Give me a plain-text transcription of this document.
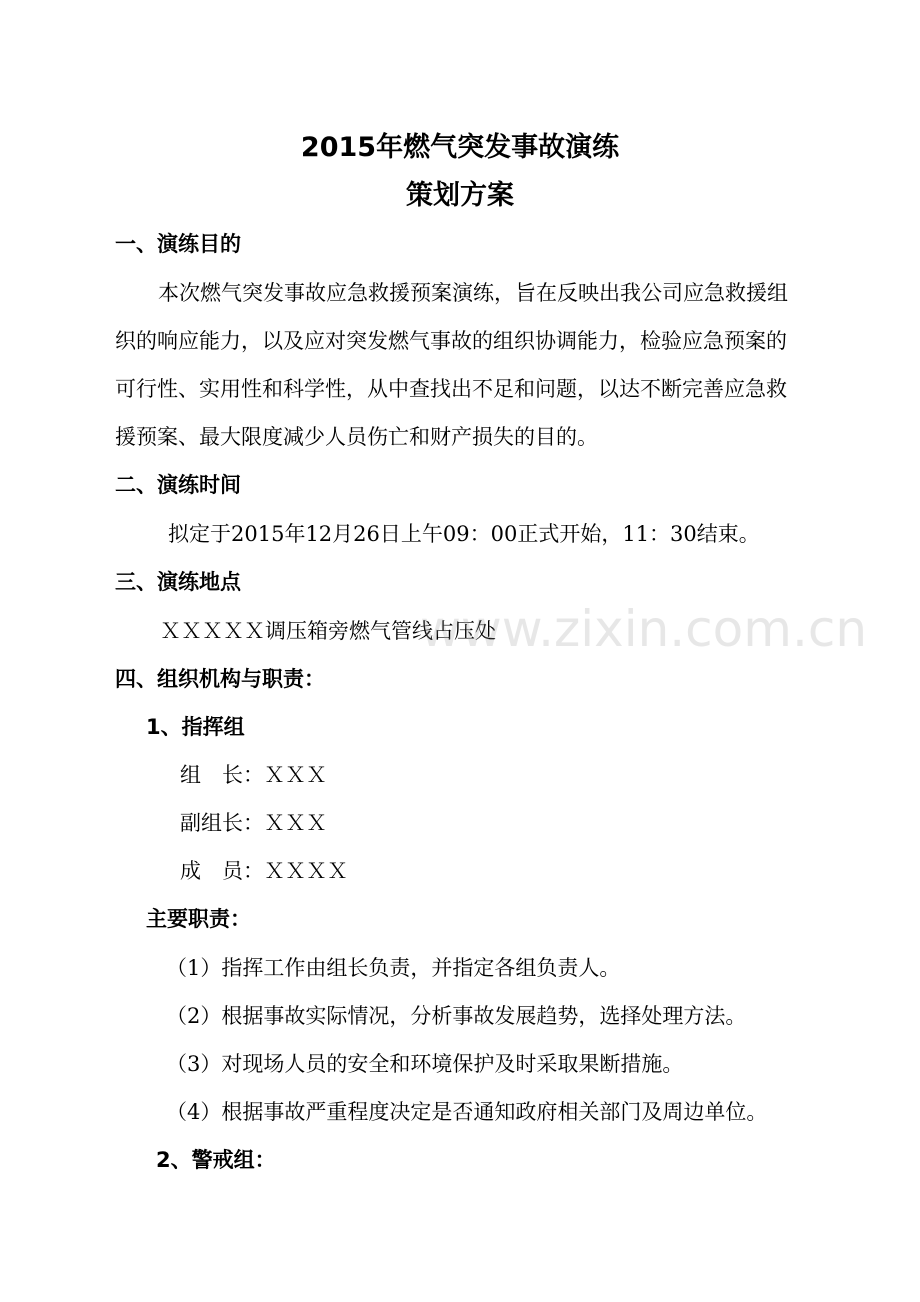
2015年燃气突发事故演练
策划方案
一、演练目的
本次燃气突发事故应急救援预案演练，旨在反映出我公司应急救援组
织的响应能力，以及应对突发燃气事故的组织协调能力，检验应急预案的
可行性、实用性和科学性，从中查找出不足和问题，以达不断完善应急救
援预案、最大限度减少人员伤亡和财产损失的目的。
二、演练时间
拟定于2015年12月26日上午09：00正式开始，11：30结束。
三、演练地点
ＸＸＸＸＸ调压箱旁燃气管线占压处
四、组织机构与职责：
1、指挥组
组　长：ＸＸＸ
副组长：ＸＸＸ
成　员：ＸＸＸＸ
主要职责：
（1）指挥工作由组长负责，并指定各组负责人。
（2）根据事故实际情况，分析事故发展趋势，选择处理方法。
（3）对现场人员的安全和环境保护及时采取果断措施。
（4）根据事故严重程度决定是否通知政府相关部门及周边单位。
2、警戒组：
www.zixin.com.cn
